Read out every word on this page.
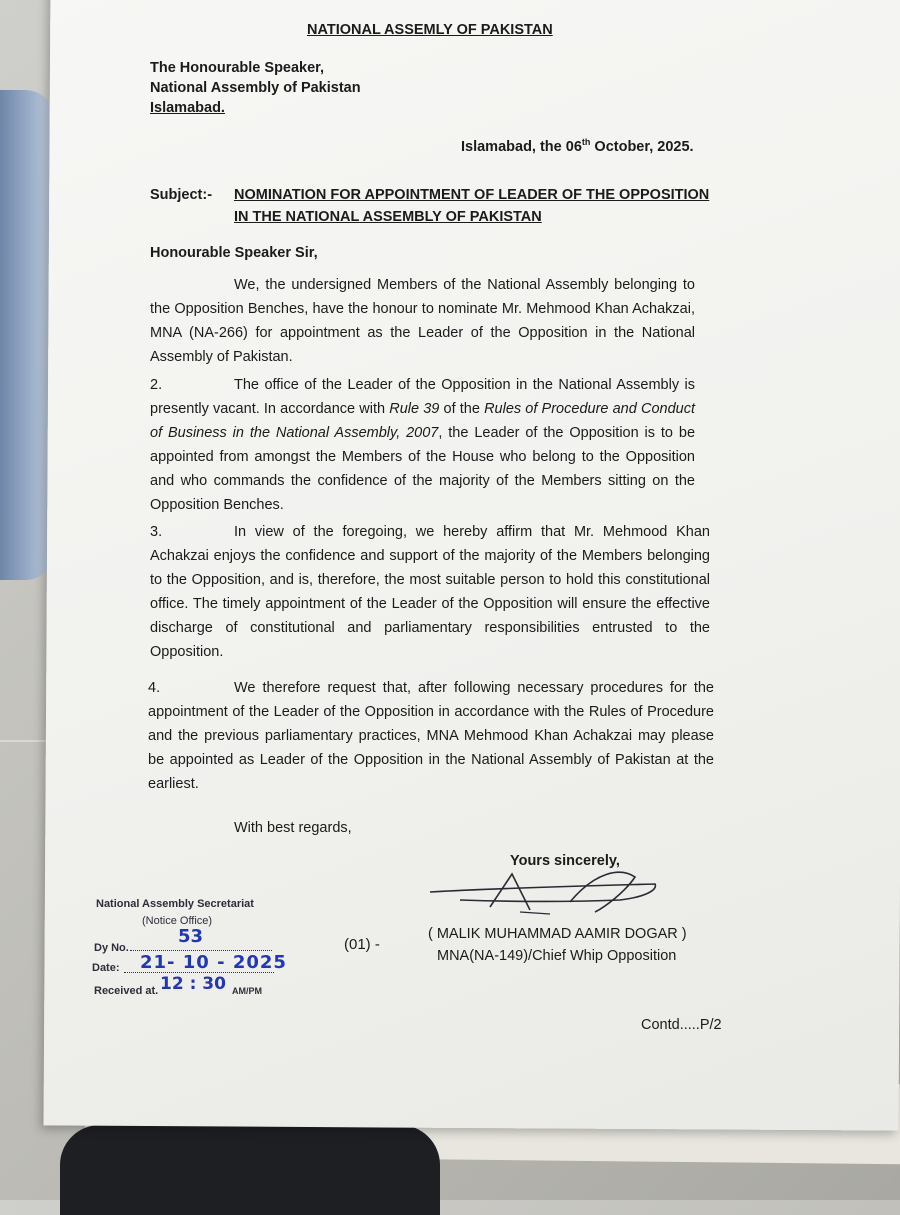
NATIONAL ASSEMLY OF PAKISTAN
The Honourable Speaker,
National Assembly of Pakistan
Islamabad.
Islamabad, the 06th October, 2025.
Subject:- NOMINATION FOR APPOINTMENT OF LEADER OF THE OPPOSITION
IN THE NATIONAL ASSEMBLY OF PAKISTAN
Honourable Speaker Sir,
We, the undersigned Members of the National Assembly belonging to the Opposition Benches, have the honour to nominate Mr. Mehmood Khan Achakzai, MNA (NA-266) for appointment as the Leader of the Opposition in the National Assembly of Pakistan.
2.	The office of the Leader of the Opposition in the National Assembly is presently vacant. In accordance with Rule 39 of the Rules of Procedure and Conduct of Business in the National Assembly, 2007, the Leader of the Opposition is to be appointed from amongst the Members of the House who belong to the Opposition and who commands the confidence of the majority of the Members sitting on the Opposition Benches.
3.	In view of the foregoing, we hereby affirm that Mr. Mehmood Khan Achakzai enjoys the confidence and support of the majority of the Members belonging to the Opposition, and is, therefore, the most suitable person to hold this constitutional office. The timely appointment of the Leader of the Opposition will ensure the effective discharge of constitutional and parliamentary responsibilities entrusted to the Opposition.
4.	We therefore request that, after following necessary procedures for the appointment of the Leader of the Opposition in accordance with the Rules of Procedure and the previous parliamentary practices, MNA Mehmood Khan Achakzai may please be appointed as Leader of the Opposition in the National Assembly of Pakistan at the earliest.
With best regards,
Yours sincerely,
(01) -
( MALIK MUHAMMAD AAMIR DOGAR )
MNA(NA-149)/Chief Whip Opposition
National Assembly Secretariat
(Notice Office)
Dy No.
53
Date: 21- 10 - 2025
Received at. 12 : 30 AM/PM
Contd.....P/2
